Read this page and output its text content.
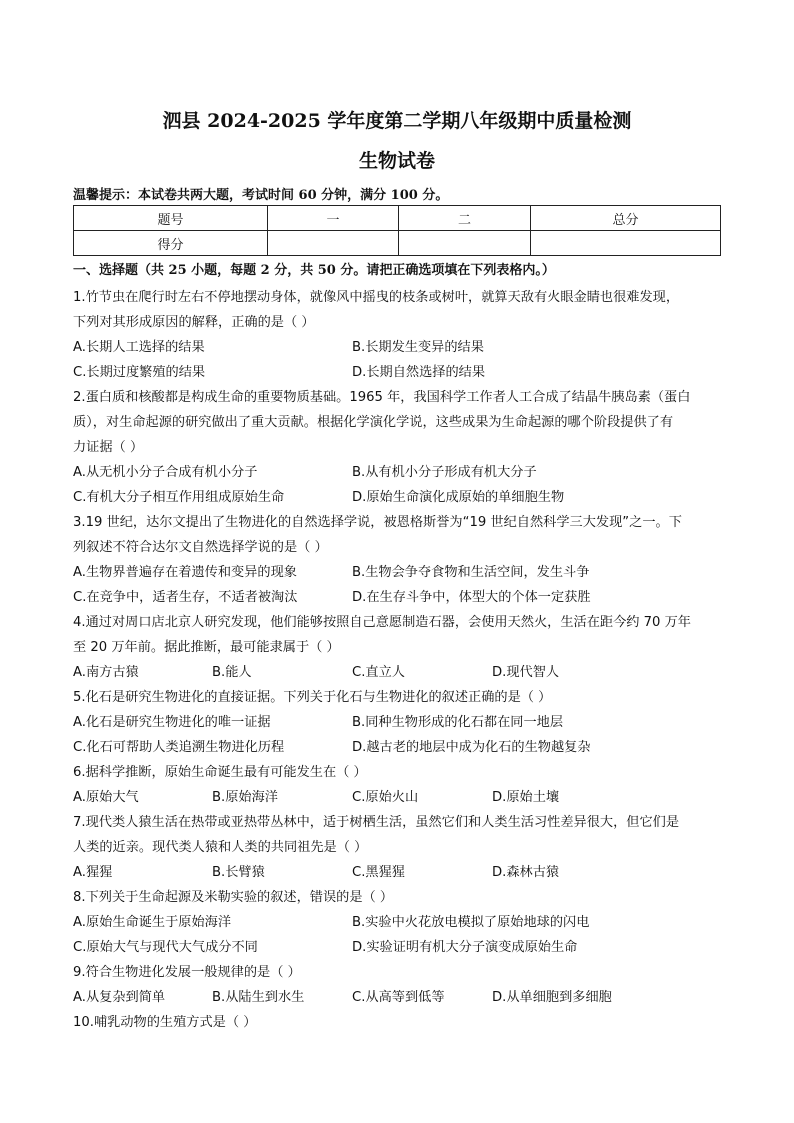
泗县 2024-2025 学年度第二学期八年级期中质量检测
生物试卷
温馨提示：本试卷共两大题，考试时间 60 分钟，满分 100 分。
题号	一	二	总分
得分			
一、选择题（共 25 小题，每题 2 分，共 50 分。请把正确选项填在下列表格内。）
1.竹节虫在爬行时左右不停地摆动身体，就像风中摇曳的枝条或树叶，就算天敌有火眼金睛也很难发现，
下列对其形成原因的解释，正确的是（ ）
A.长期人工选择的结果	B.长期发生变异的结果
C.长期过度繁殖的结果	D.长期自然选择的结果
2.蛋白质和核酸都是构成生命的重要物质基础。1965 年，我国科学工作者人工合成了结晶牛胰岛素（蛋白
质），对生命起源的研究做出了重大贡献。根据化学演化学说，这些成果为生命起源的哪个阶段提供了有
力证据（ ）
A.从无机小分子合成有机小分子	B.从有机小分子形成有机大分子
C.有机大分子相互作用组成原始生命	D.原始生命演化成原始的单细胞生物
3.19 世纪，达尔文提出了生物进化的自然选择学说，被恩格斯誉为“19 世纪自然科学三大发现”之一。下
列叙述不符合达尔文自然选择学说的是（ ）
A.生物界普遍存在着遗传和变异的现象	B.生物会争夺食物和生活空间，发生斗争
C.在竞争中，适者生存，不适者被淘汰	D.在生存斗争中，体型大的个体一定获胜
4.通过对周口店北京人研究发现，他们能够按照自己意愿制造石器，会使用天然火，生活在距今约 70 万年
至 20 万年前。据此推断，最可能隶属于（ ）
A.南方古猿	B.能人	C.直立人	D.现代智人
5.化石是研究生物进化的直接证据。下列关于化石与生物进化的叙述正确的是（ ）
A.化石是研究生物进化的唯一证据	B.同种生物形成的化石都在同一地层
C.化石可帮助人类追溯生物进化历程	D.越古老的地层中成为化石的生物越复杂
6.据科学推断，原始生命诞生最有可能发生在（ ）
A.原始大气	B.原始海洋	C.原始火山	D.原始土壤
7.现代类人猿生活在热带或亚热带丛林中，适于树栖生活，虽然它们和人类生活习性差异很大，但它们是
人类的近亲。现代类人猿和人类的共同祖先是（ ）
A.猩猩	B.长臂猿	C.黑猩猩	D.森林古猿
8.下列关于生命起源及米勒实验的叙述，错误的是（ ）
A.原始生命诞生于原始海洋	B.实验中火花放电模拟了原始地球的闪电
C.原始大气与现代大气成分不同	D.实验证明有机大分子演变成原始生命
9.符合生物进化发展一般规律的是（ ）
A.从复杂到简单	B.从陆生到水生	C.从高等到低等	D.从单细胞到多细胞
10.哺乳动物的生殖方式是（ ）
